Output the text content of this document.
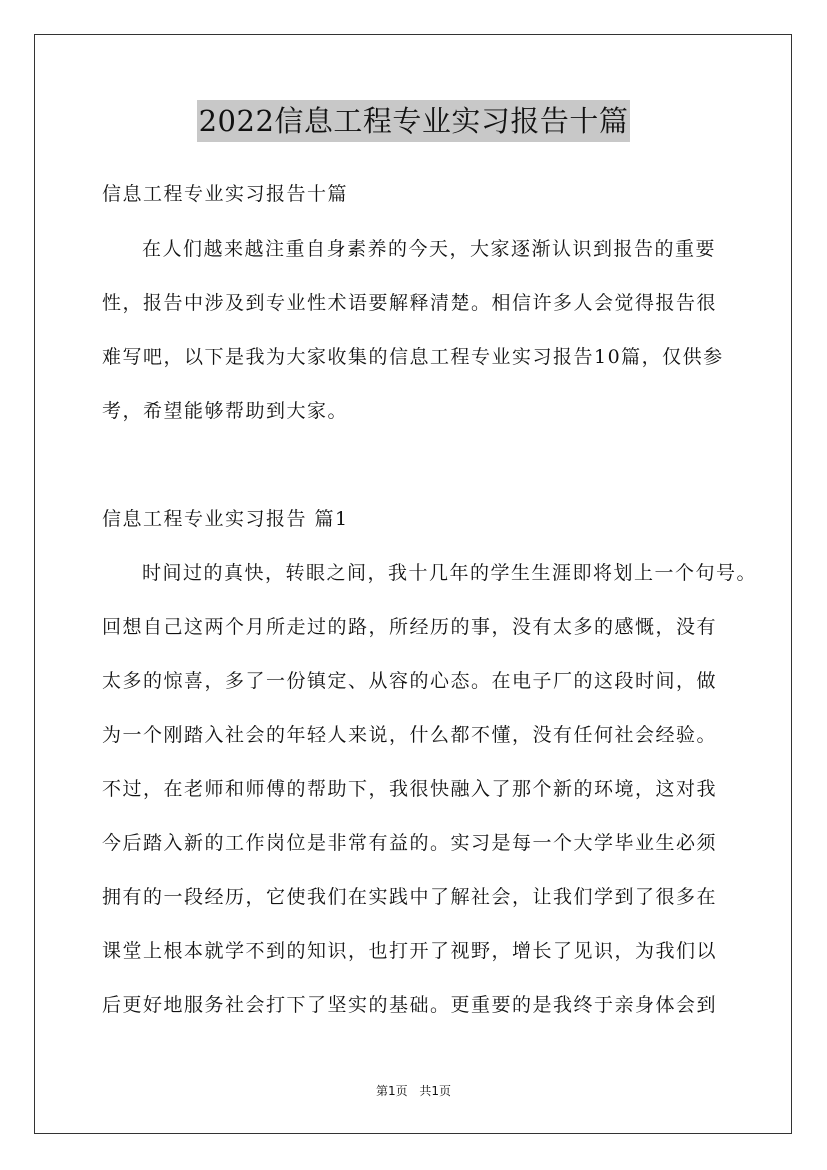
2022信息工程专业实习报告十篇
信息工程专业实习报告十篇
在人们越来越注重自身素养的今天，大家逐渐认识到报告的重要
性，报告中涉及到专业性术语要解释清楚。相信许多人会觉得报告很
难写吧，以下是我为大家收集的信息工程专业实习报告10篇，仅供参
考，希望能够帮助到大家。
信息工程专业实习报告 篇1
时间过的真快，转眼之间，我十几年的学生生涯即将划上一个句号。
回想自己这两个月所走过的路，所经历的事，没有太多的感慨，没有
太多的惊喜，多了一份镇定、从容的心态。在电子厂的这段时间，做
为一个刚踏入社会的年轻人来说，什么都不懂，没有任何社会经验。
不过，在老师和师傅的帮助下，我很快融入了那个新的环境，这对我
今后踏入新的工作岗位是非常有益的。实习是每一个大学毕业生必须
拥有的一段经历，它使我们在实践中了解社会，让我们学到了很多在
课堂上根本就学不到的知识，也打开了视野，增长了见识，为我们以
后更好地服务社会打下了坚实的基础。更重要的是我终于亲身体会到
第1页 共1页
